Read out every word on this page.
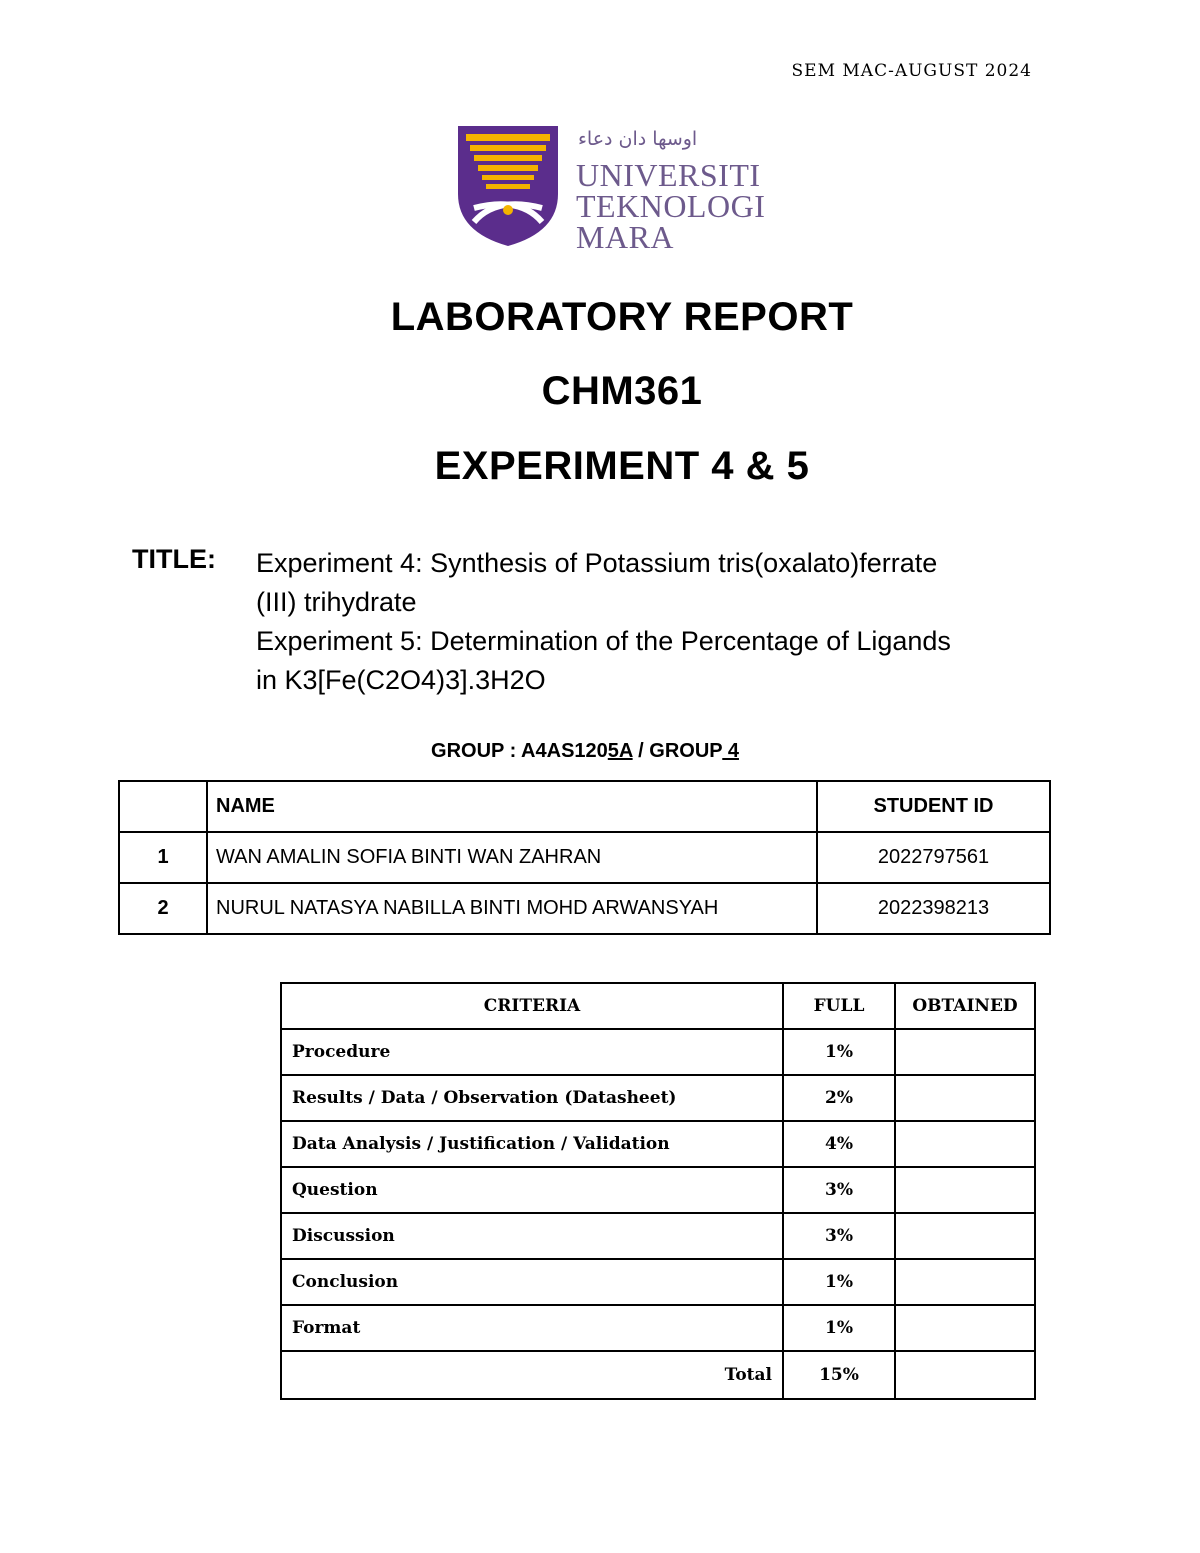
SEM MAC-AUGUST 2024
اوسها دان دعاء
UNIVERSITI
TEKNOLOGI
MARA
LABORATORY REPORT
CHM361
EXPERIMENT 4 & 5
TITLE: Experiment 4: Synthesis of Potassium tris(oxalato)ferrate
(III) trihydrate
Experiment 5: Determination of the Percentage of Ligands
in K3[Fe(C2O4)3].3H2O
GROUP : A4AS1205A / GROUP 4
	NAME	STUDENT ID
1	WAN AMALIN SOFIA BINTI WAN ZAHRAN	2022797561
2	NURUL NATASYA NABILLA BINTI MOHD ARWANSYAH	2022398213
CRITERIA	FULL	OBTAINED
Procedure	1%	
Results / Data / Observation (Datasheet)	2%	
Data Analysis / Justification / Validation	4%	
Question	3%	
Discussion	3%	
Conclusion	1%	
Format	1%	
Total	15%	
